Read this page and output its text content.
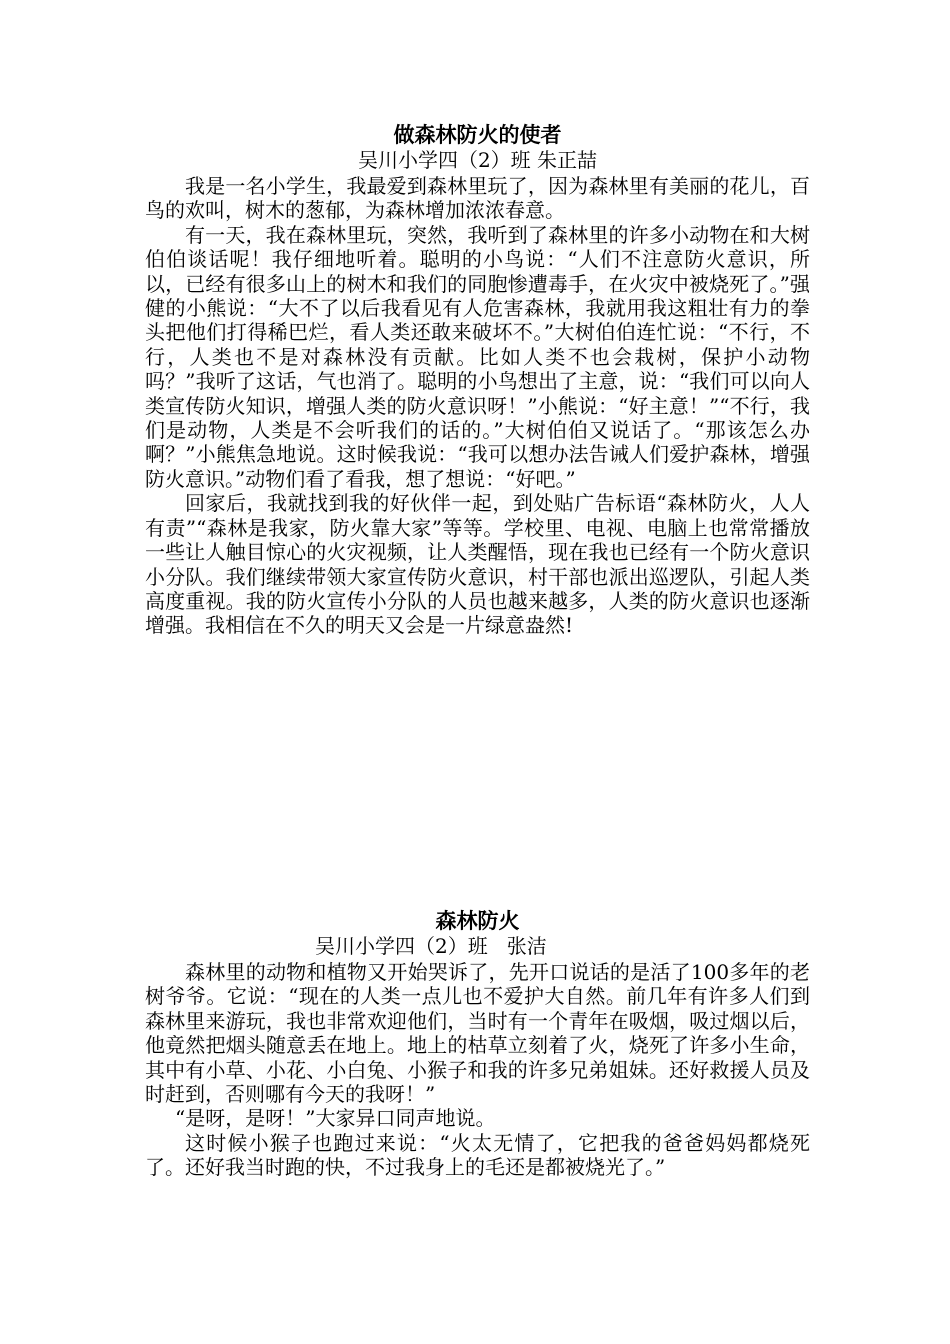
做森林防火的使者

吴川小学四（2）班 朱正喆

我是一名小学生，我最爱到森林里玩了，因为森林里有美丽的花儿，百鸟的欢叫，树木的葱郁，为森林增加浓浓春意。

有一天，我在森林里玩，突然，我听到了森林里的许多小动物在和大树伯伯谈话呢！我仔细地听着。聪明的小鸟说：“人们不注意防火意识，所以，已经有很多山上的树木和我们的同胞惨遭毒手，在火灾中被烧死了。”强健的小熊说：“大不了以后我看见有人危害森林，我就用我这粗壮有力的拳头把他们打得稀巴烂，看人类还敢来破坏不。”大树伯伯连忙说：“不行，不行，人类也不是对森林没有贡献。比如人类不也会栽树，保护小动物吗？”我听了这话，气也消了。聪明的小鸟想出了主意，说：“我们可以向人类宣传防火知识，增强人类的防火意识呀！”小熊说：“好主意！”“不行，我们是动物，人类是不会听我们的话的。”大树伯伯又说话了。“那该怎么办啊？”小熊焦急地说。这时候我说：“我可以想办法告诫人们爱护森林，增强防火意识。”动物们看了看我，想了想说：“好吧。”

回家后，我就找到我的好伙伴一起，到处贴广告标语“森林防火，人人有责”“森林是我家，防火靠大家”等等。学校里、电视、电脑上也常常播放一些让人触目惊心的火灾视频，让人类醒悟，现在我也已经有一个防火意识小分队。我们继续带领大家宣传防火意识，村干部也派出巡逻队，引起人类高度重视。我的防火宣传小分队的人员也越来越多，人类的防火意识也逐渐增强。我相信在不久的明天又会是一片绿意盎然!

森林防火

吴川小学四（2）班   张洁

森林里的动物和植物又开始哭诉了，先开口说话的是活了100多年的老树爷爷。它说：“现在的人类一点儿也不爱护大自然。前几年有许多人们到森林里来游玩，我也非常欢迎他们，当时有一个青年在吸烟，吸过烟以后，他竟然把烟头随意丢在地上。地上的枯草立刻着了火，烧死了许多小生命，其中有小草、小花、小白兔、小猴子和我的许多兄弟姐妹。还好救援人员及时赶到，否则哪有今天的我呀！”

“是呀，是呀！”大家异口同声地说。

这时候小猴子也跑过来说：“火太无情了，它把我的爸爸妈妈都烧死了。还好我当时跑的快，不过我身上的毛还是都被烧光了。”
